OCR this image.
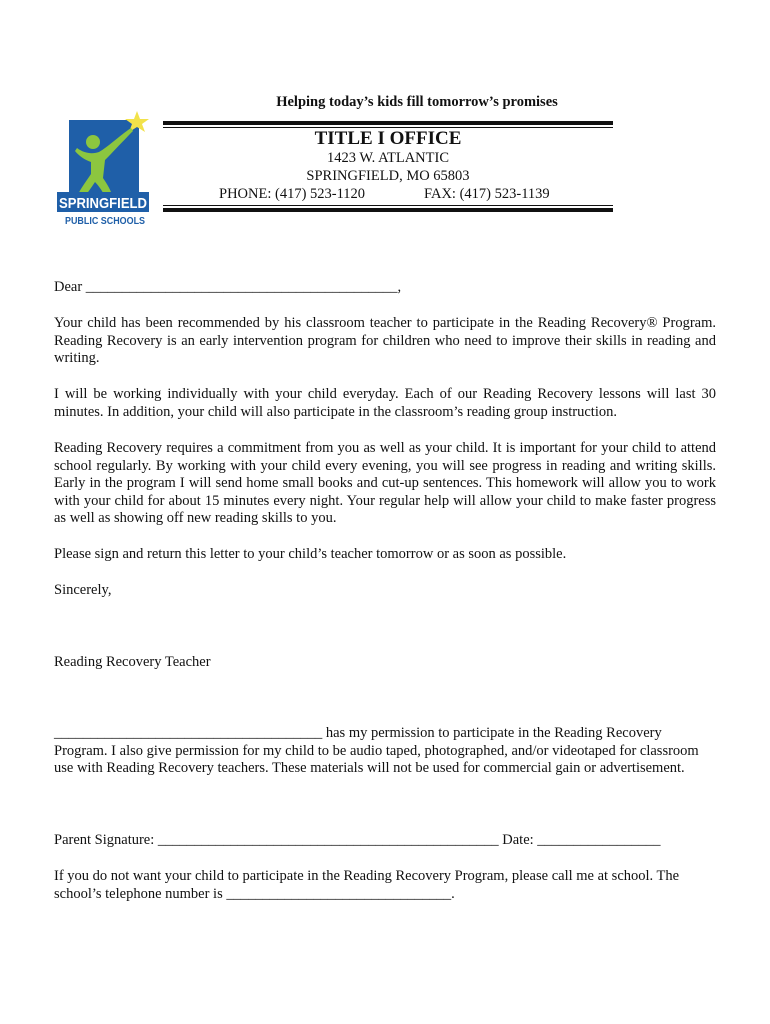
Helping today’s kids fill tomorrow’s promises
SPRINGFIELD
PUBLIC SCHOOLS
TITLE I OFFICE
1423 W. ATLANTIC
SPRINGFIELD, MO 65803
PHONE: (417) 523-1120	FAX: (417) 523-1139
Dear ___________________________________________,
Your child has been recommended by his classroom teacher to participate in the Reading Recovery® Program. Reading Recovery is an early intervention program for children who need to improve their skills in reading and writing.
I will be working individually with your child everyday. Each of our Reading Recovery lessons will last 30 minutes. In addition, your child will also participate in the classroom’s reading group instruction.
Reading Recovery requires a commitment from you as well as your child. It is important for your child to attend school regularly. By working with your child every evening, you will see progress in reading and writing skills. Early in the program I will send home small books and cut-up sentences. This homework will allow you to work with your child for about 15 minutes every night. Your regular help will allow your child to make faster progress as well as showing off new reading skills to you.
Please sign and return this letter to your child’s teacher tomorrow or as soon as possible.
Sincerely,
Reading Recovery Teacher
_____________________________________ has my permission to participate in the Reading Recovery Program. I also give permission for my child to be audio taped, photographed, and/or videotaped for classroom use with Reading Recovery teachers. These materials will not be used for commercial gain or advertisement.
Parent Signature: _______________________________________________ Date: _________________
If you do not want your child to participate in the Reading Recovery Program, please call me at school. The school’s telephone number is _______________________________.
